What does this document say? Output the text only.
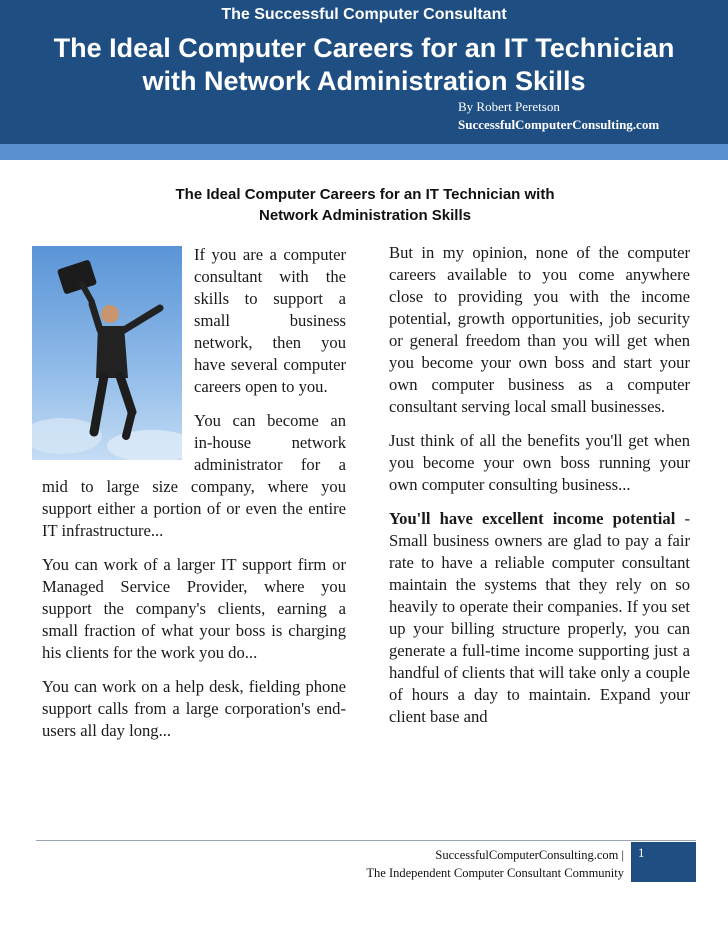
The Successful Computer Consultant
The Ideal Computer Careers for an IT Technician
with Network Administration Skills
By Robert Peretson
SuccessfulComputerConsulting.com
The Ideal Computer Careers for an IT Technician with
Network Administration Skills

If you are a computer consultant with the skills to support a small business network, then you have several computer careers open to you.

You can become an in-house network administrator for a mid to large size company, where you support either a portion of or even the entire IT infrastructure...

You can work of a larger IT support firm or Managed Service Provider, where you support the company's clients, earning a small fraction of what your boss is charging his clients for the work you do...

You can work on a help desk, fielding phone support calls from a large corporation's end-users all day long...

But in my opinion, none of the computer careers available to you come anywhere close to providing you with the income potential, growth opportunities, job security or general freedom than you will get when you become your own boss and start your own computer business as a computer consultant serving local small businesses.

Just think of all the benefits you'll get when you become your own boss running your own computer consulting business...

You'll have excellent income potential - Small business owners are glad to pay a fair rate to have a reliable computer consultant maintain the systems that they rely on so heavily to operate their companies. If you set up your billing structure properly, you can generate a full-time income supporting just a handful of clients that will take only a couple of hours a day to maintain. Expand your client base and

SuccessfulComputerConsulting.com |
The Independent Computer Consultant Community
1
